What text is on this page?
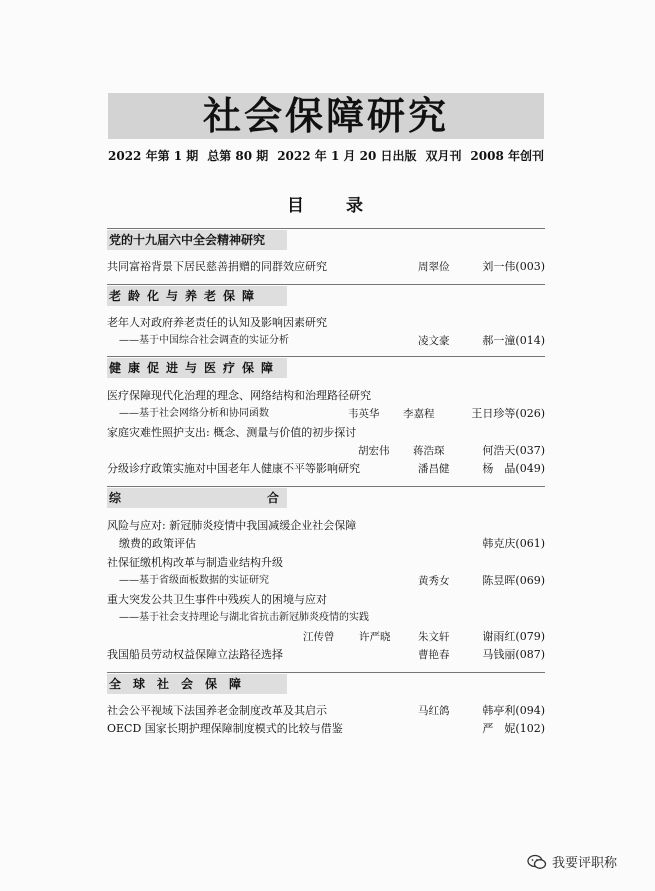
社会保障研究
2022 年第 1 期 总第 80 期 2022 年 1 月 20 日出版 双月刊 2008 年创刊
目 录
党的十九届六中全会精神研究
共同富裕背景下居民慈善捐赠的同群效应研究	周翠俭	刘一伟(003)
老龄化与养老保障
老年人对政府养老责任的认知及影响因素研究
——基于中国综合社会调查的实证分析	凌文豪	郝一潼(014)
健康促进与医疗保障
医疗保障现代化治理的理念、网络结构和治理路径研究
——基于社会网络分析和协同函数	韦英华 李嘉程	王日珍等(026)
家庭灾难性照护支出: 概念、测量与价值的初步探讨
胡宏伟 蒋浩琛	何浩天(037)
分级诊疗政策实施对中国老年人健康不平等影响研究	潘昌健	杨　晶(049)
综	合
风险与应对: 新冠肺炎疫情中我国减缓企业社会保障
缴费的政策评估	韩克庆(061)
社保征缴机构改革与制造业结构升级
——基于省级面板数据的实证研究	黄秀女	陈昱晖(069)
重大突发公共卫生事件中残疾人的困境与应对
——基于社会支持理论与湖北省抗击新冠肺炎疫情的实践
江传曾 许严晓	朱文轩	谢雨红(079)
我国船员劳动权益保障立法路径选择	曹艳春	马钱丽(087)
全球社会保障
社会公平视域下法国养老金制度改革及其启示	马红鸽	韩亭利(094)
OECD 国家长期护理保障制度模式的比较与借鉴	严　妮(102)
我要评职称
